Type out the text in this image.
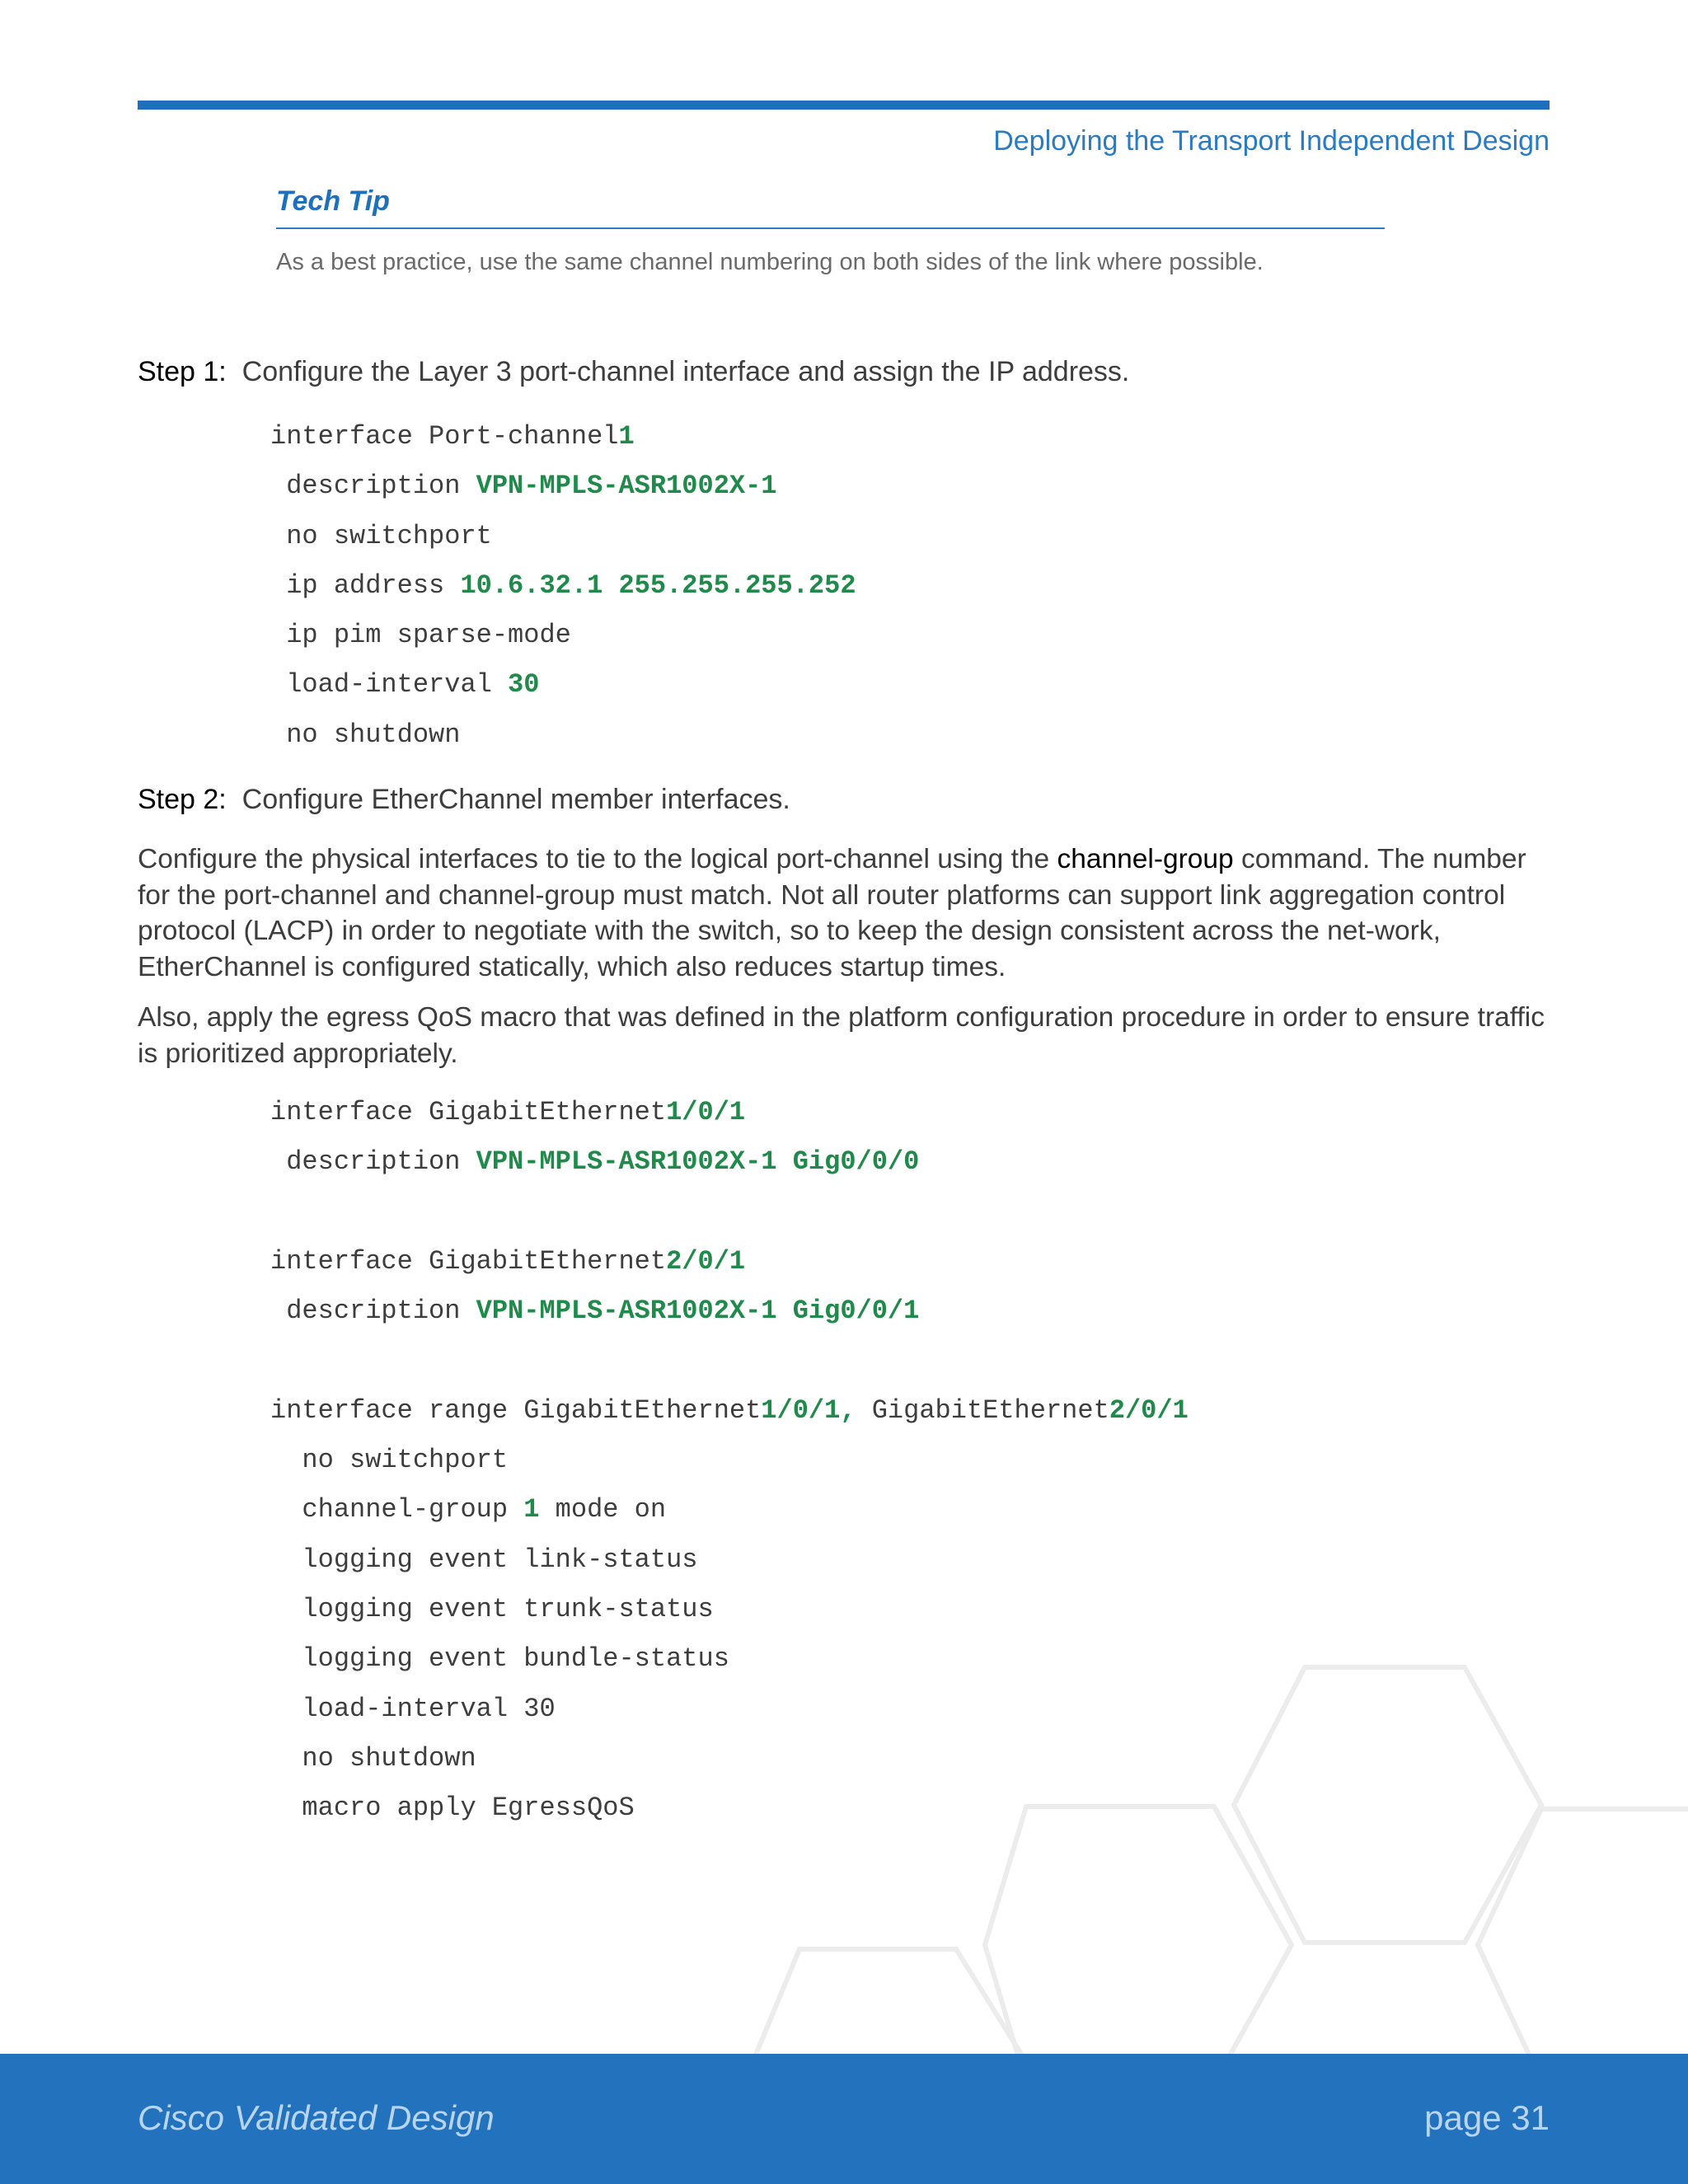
Deploying the Transport Independent Design
Tech Tip
As a best practice, use the same channel numbering on both sides of the link where possible.
Step 1: Configure the Layer 3 port-channel interface and assign the IP address.
interface Port-channel1
description VPN-MPLS-ASR1002X-1
no switchport
ip address 10.6.32.1 255.255.255.252
ip pim sparse-mode
load-interval 30
no shutdown
Step 2: Configure EtherChannel member interfaces.
Configure the physical interfaces to tie to the logical port-channel using the channel-group command. The number for the port-channel and channel-group must match. Not all router platforms can support link aggregation control protocol (LACP) in order to negotiate with the switch, so to keep the design consistent across the net-work, EtherChannel is configured statically, which also reduces startup times.
Also, apply the egress QoS macro that was defined in the platform configuration procedure in order to ensure traffic is prioritized appropriately.
interface GigabitEthernet1/0/1
description VPN-MPLS-ASR1002X-1 Gig0/0/0
interface GigabitEthernet2/0/1
description VPN-MPLS-ASR1002X-1 Gig0/0/1
interface range GigabitEthernet1/0/1, GigabitEthernet2/0/1
no switchport
channel-group 1 mode on
logging event link-status
logging event trunk-status
logging event bundle-status
load-interval 30
no shutdown
macro apply EgressQoS
Cisco Validated Design	page 31
